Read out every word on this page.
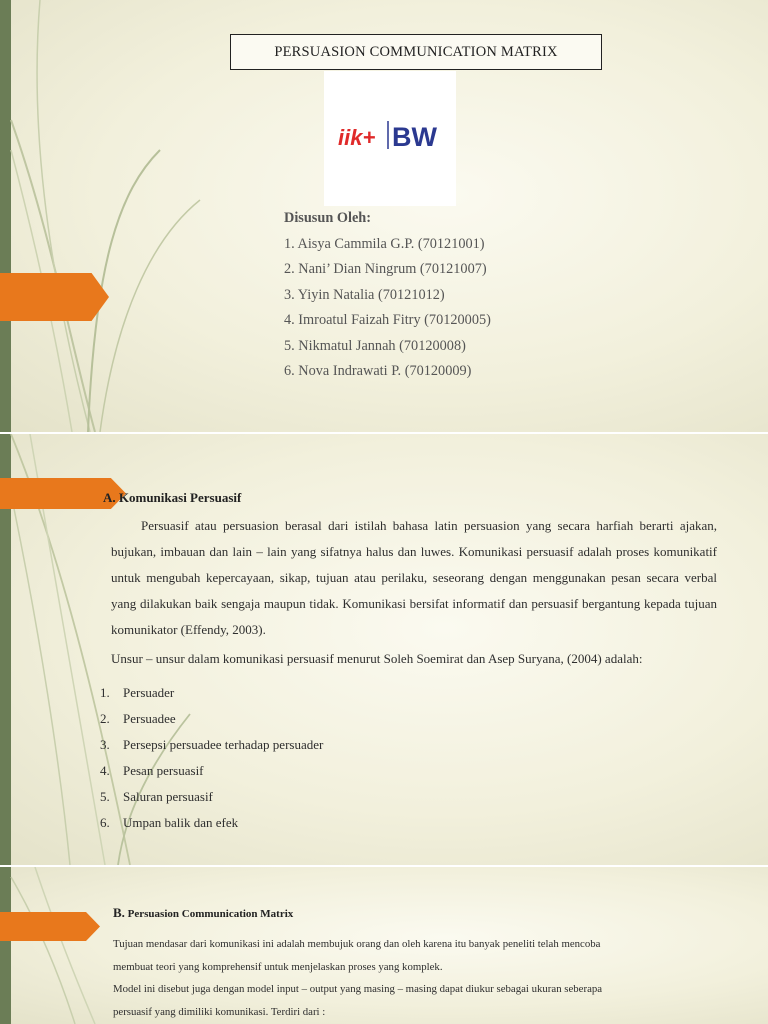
PERSUASION COMMUNICATION MATRIX
iik+ BW
Disusun Oleh:
1. Aisya Cammila G.P. (70121001)
2. Nani’ Dian Ningrum (70121007)
3. Yiyin Natalia (70121012)
4. Imroatul Faizah Fitry (70120005)
5. Nikmatul Jannah (70120008)
6. Nova Indrawati P. (70120009)
A. Komunikasi Persuasif
Persuasif atau persuasion berasal dari istilah bahasa latin persuasion yang secara harfiah berarti ajakan, bujukan, imbauan dan lain – lain yang sifatnya halus dan luwes. Komunikasi persuasif adalah proses komunikatif untuk mengubah kepercayaan, sikap, tujuan atau perilaku, seseorang dengan menggunakan pesan secara verbal yang dilakukan baik sengaja maupun tidak. Komunikasi bersifat informatif dan persuasif bergantung kepada tujuan komunikator (Effendy, 2003).
Unsur – unsur dalam komunikasi persuasif menurut Soleh Soemirat dan Asep Suryana, (2004) adalah:
1. Persuader
2. Persuadee
3. Persepsi persuadee terhadap persuader
4. Pesan persuasif
5. Saluran persuasif
6. Umpan balik dan efek
B. Persuasion Communication Matrix
Tujuan mendasar dari komunikasi ini adalah membujuk orang dan oleh karena itu banyak peneliti telah mencoba
membuat teori yang komprehensif untuk menjelaskan proses yang komplek.
Model ini disebut juga dengan model input – output yang masing – masing dapat diukur sebagai ukuran seberapa
persuasif yang dimiliki komunikasi. Terdiri dari :
